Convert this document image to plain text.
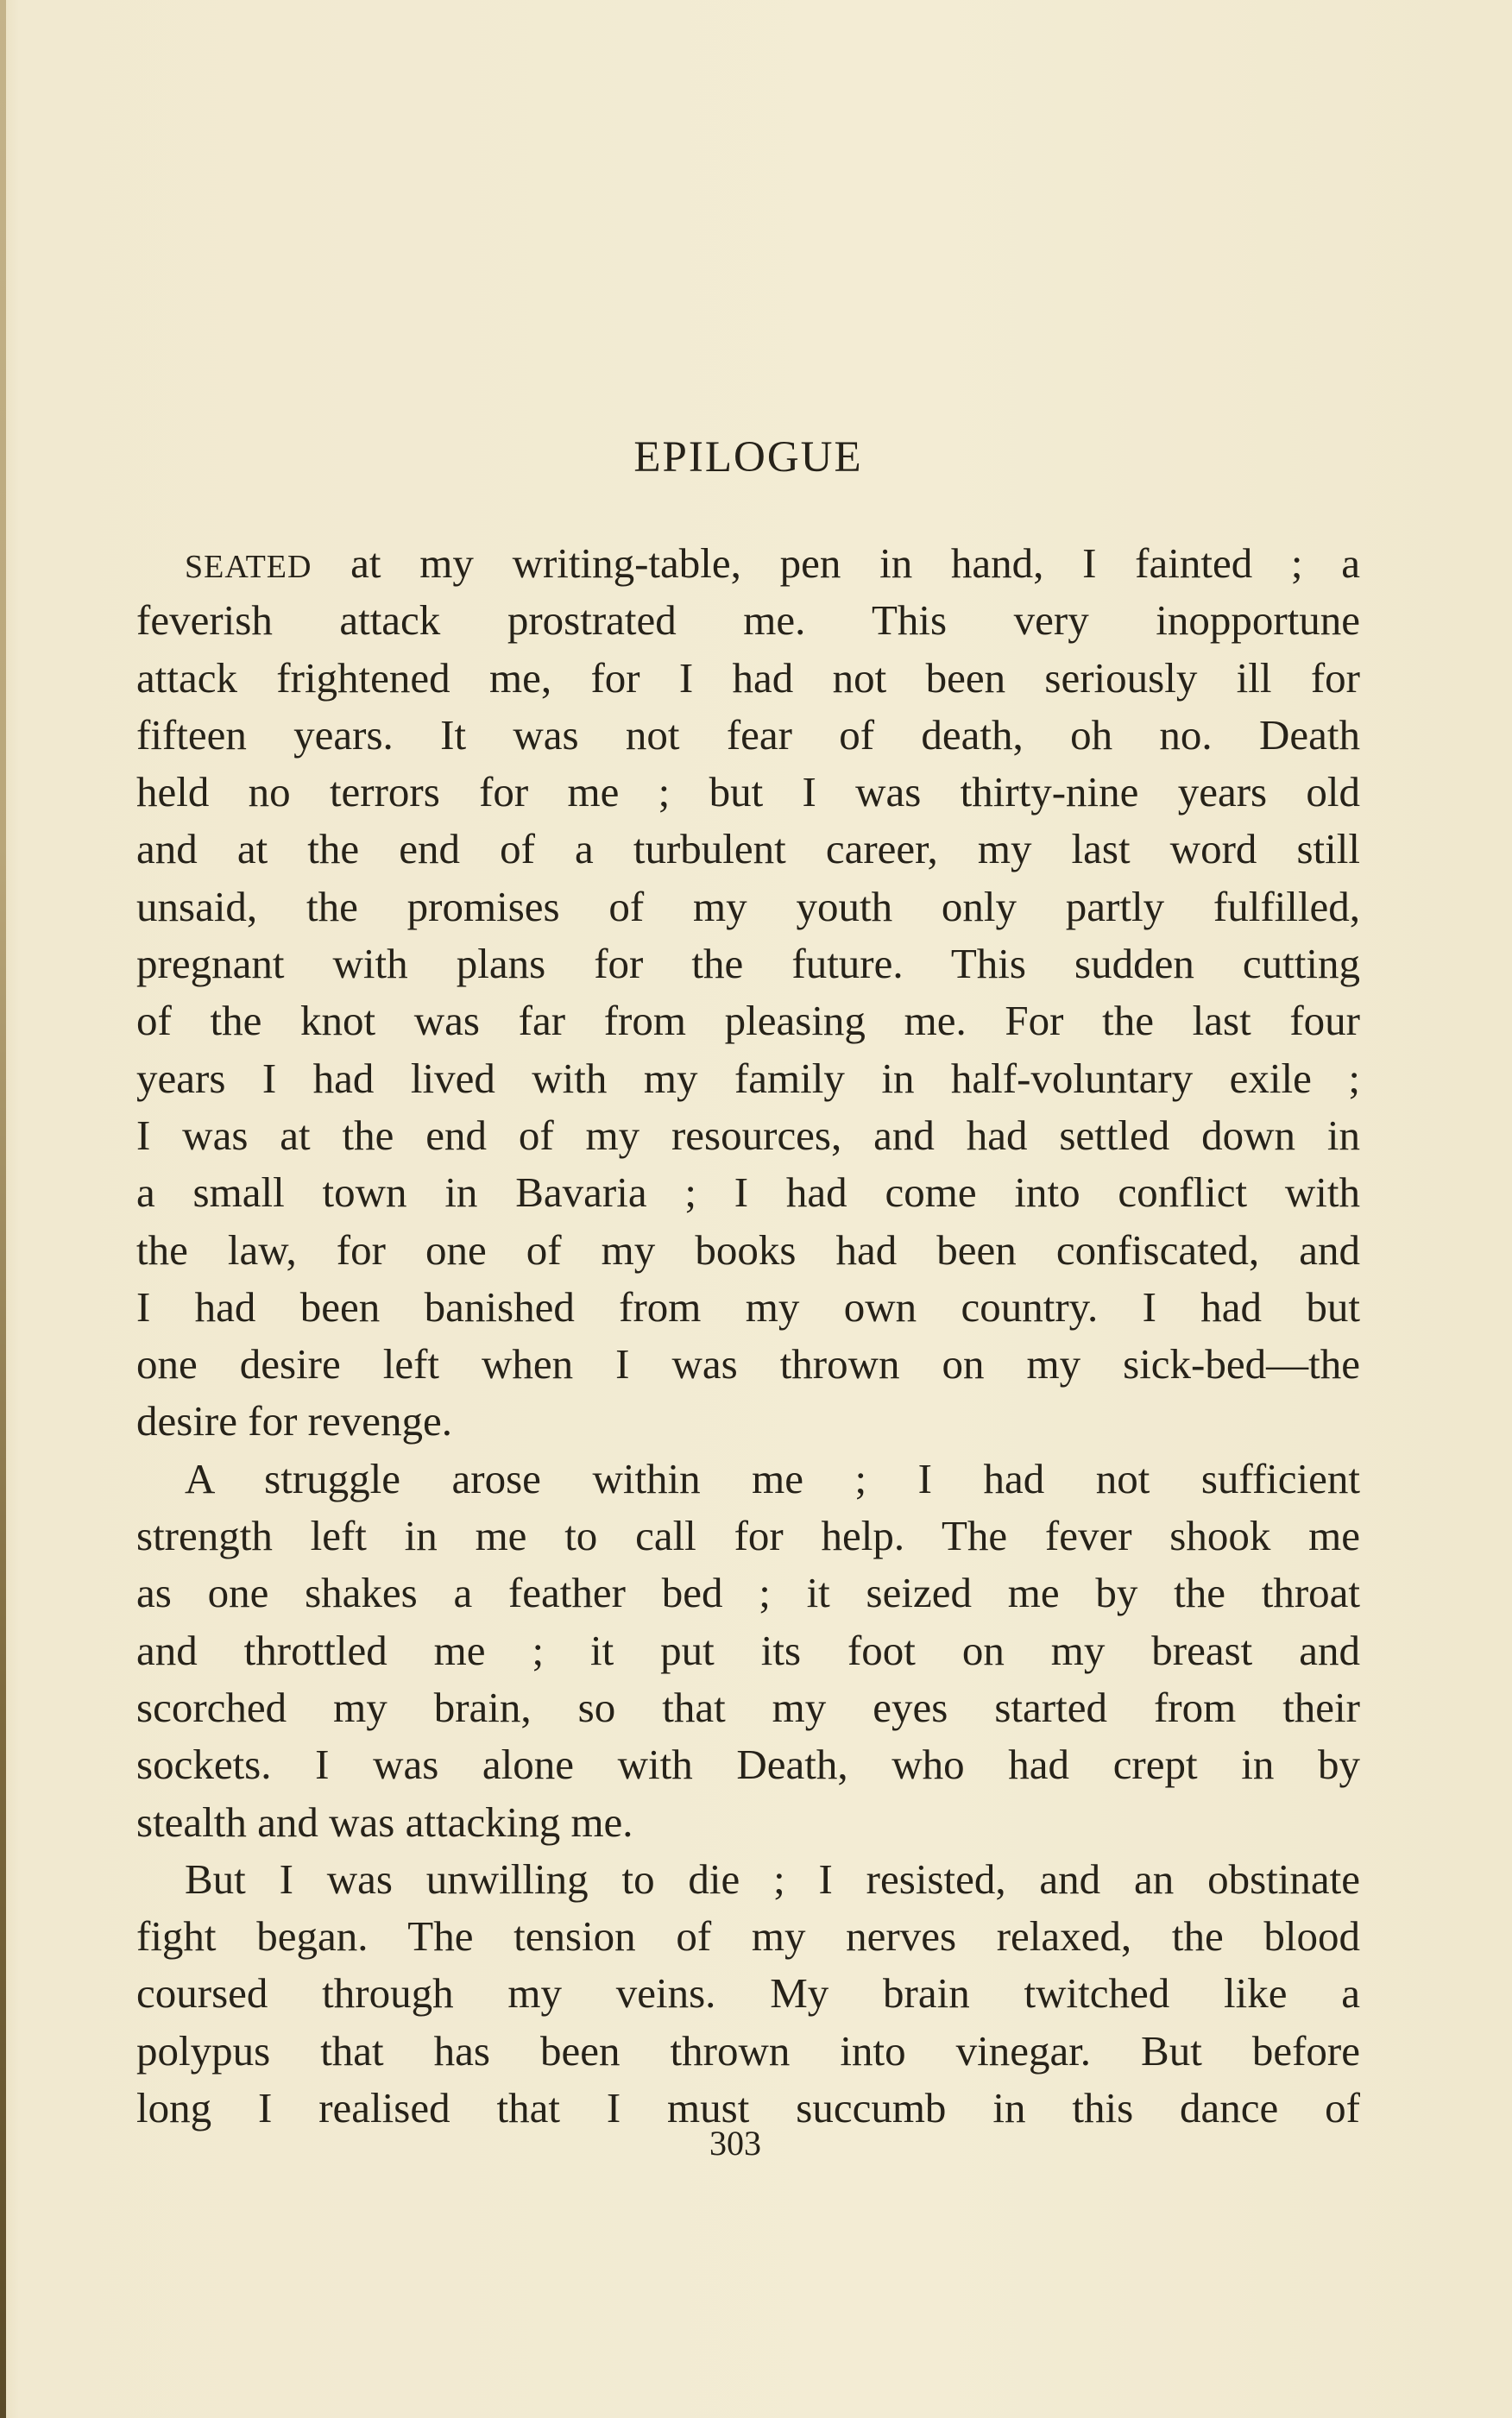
EPILOGUE
SEATED at my writing-table, pen in hand, I fainted ; a
feverish attack prostrated me. This very inopportune
attack frightened me, for I had not been seriously ill for
fifteen years. It was not fear of death, oh no. Death
held no terrors for me ; but I was thirty-nine years old
and at the end of a turbulent career, my last word still
unsaid, the promises of my youth only partly fulfilled,
pregnant with plans for the future. This sudden cutting
of the knot was far from pleasing me. For the last four
years I had lived with my family in half-voluntary exile ;
I was at the end of my resources, and had settled down in
a small town in Bavaria ; I had come into conflict with
the law, for one of my books had been confiscated, and
I had been banished from my own country. I had but
one desire left when I was thrown on my sick-bed—the
desire for revenge.
A struggle arose within me ; I had not sufficient
strength left in me to call for help. The fever shook me
as one shakes a feather bed ; it seized me by the throat
and throttled me ; it put its foot on my breast and
scorched my brain, so that my eyes started from their
sockets. I was alone with Death, who had crept in by
stealth and was attacking me.
But I was unwilling to die ; I resisted, and an obstinate
fight began. The tension of my nerves relaxed, the blood
coursed through my veins. My brain twitched like a
polypus that has been thrown into vinegar. But before
long I realised that I must succumb in this dance of
303
